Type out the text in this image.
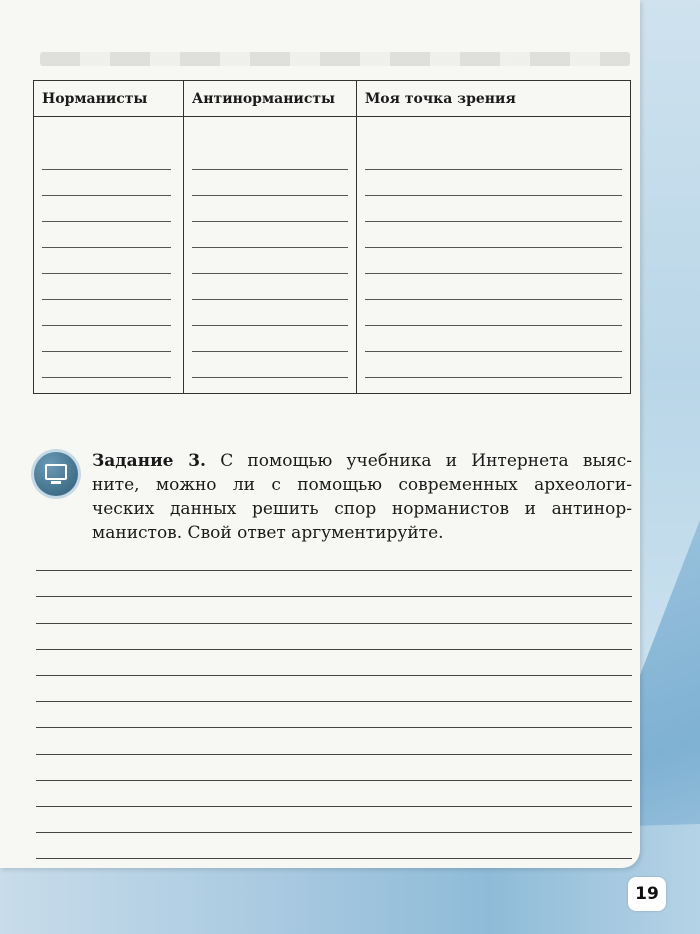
Норманисты	Антинорманисты	Моя точка зрения

Задание 3. С помощью учебника и Интернета выяс-
ните, можно ли с помощью современных археологи-
ческих данных решить спор норманистов и антинор-
манистов. Свой ответ аргументируйте.
19
